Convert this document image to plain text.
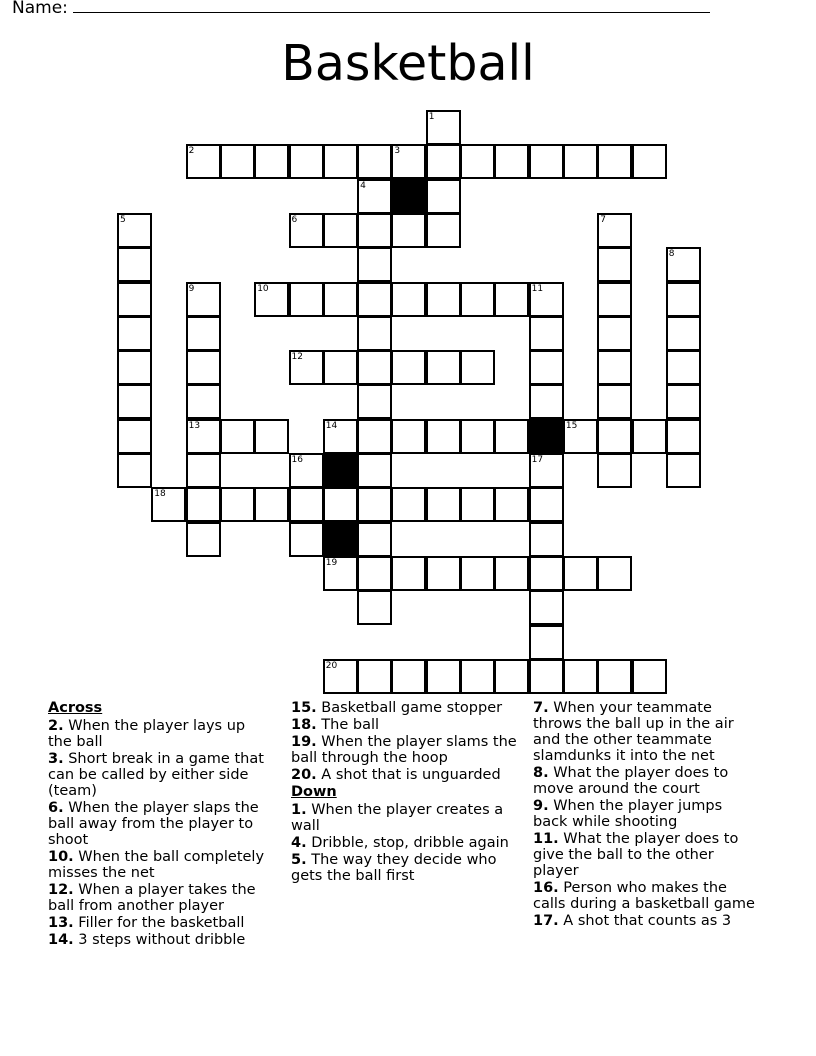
Name:
Basketball
1
2	3
4
5	6	7
8
9	10	11
12
13	14	15
16	17
18
19
20
Across
2. When the player lays up the ball
3. Short break in a game that can be called by either side (team)
6. When the player slaps the ball away from the player to shoot
10. When the ball completely misses the net
12. When a player takes the ball from another player
13. Filler for the basketball
14. 3 steps without dribble
15. Basketball game stopper
18. The ball
19. When the player slams the ball through the hoop
20. A shot that is unguarded
Down
1. When the player creates a wall
4. Dribble, stop, dribble again
5. The way they decide who gets the ball first
7. When your teammate throws the ball up in the air and the other teammate slamdunks it into the net
8. What the player does to move around the court
9. When the player jumps back while shooting
11. What the player does to give the ball to the other player
16. Person who makes the calls during a basketball game
17. A shot that counts as 3
